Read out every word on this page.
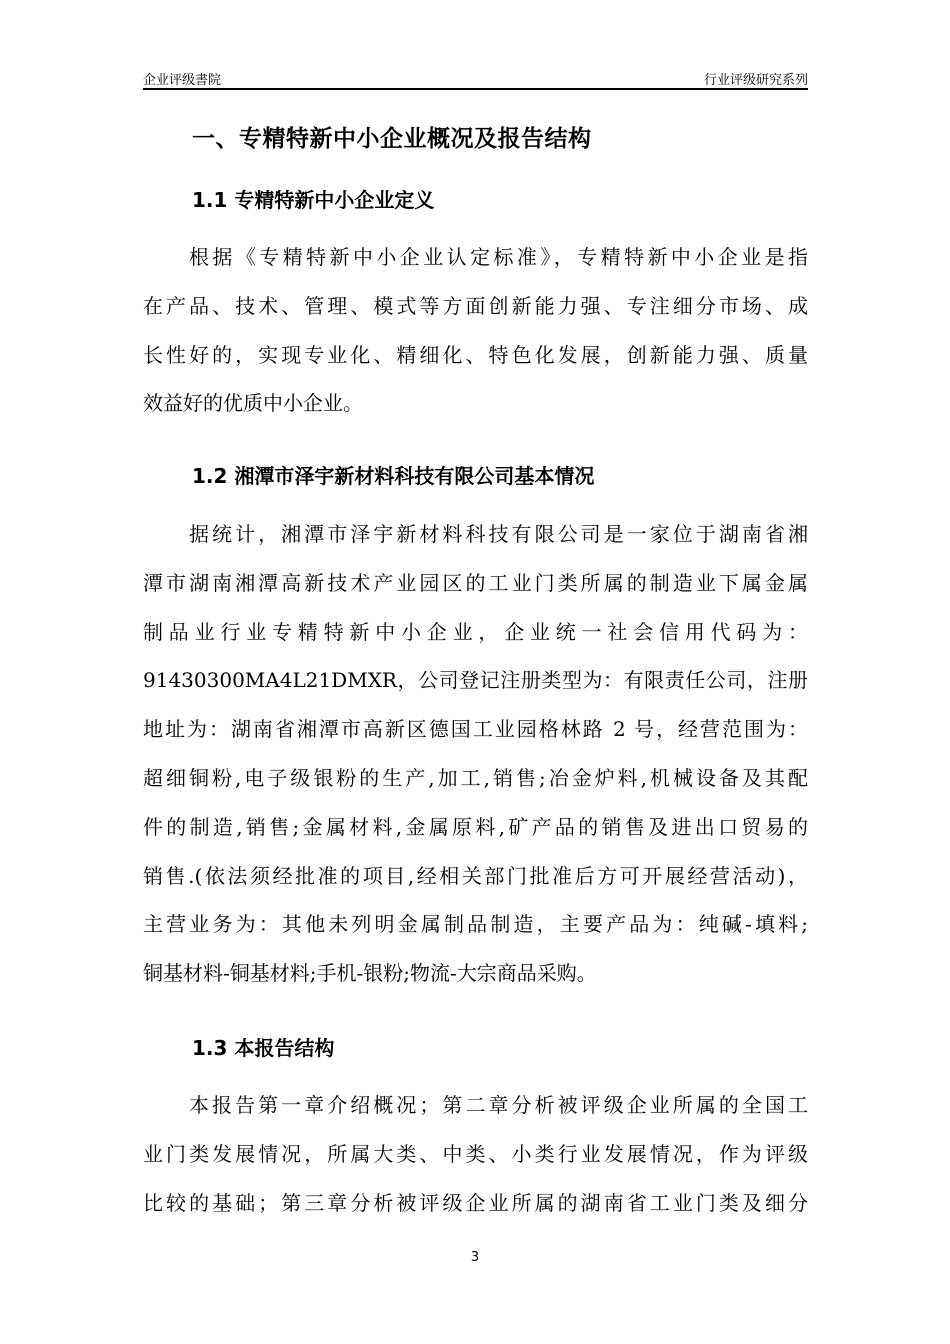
企业评级書院	行业评级研究系列
一、专精特新中小企业概况及报告结构
1.1 专精特新中小企业定义
根据《专精特新中小企业认定标准》，专精特新中小企业是指
在产品、技术、管理、模式等方面创新能力强、专注细分市场、成
长性好的，实现专业化、精细化、特色化发展，创新能力强、质量
效益好的优质中小企业。
1.2 湘潭市泽宇新材料科技有限公司基本情况
据统计，湘潭市泽宇新材料科技有限公司是一家位于湖南省湘
潭市湖南湘潭高新技术产业园区的工业门类所属的制造业下属金属
制品业行业专精特新中小企业，企业统一社会信用代码为：
91430300MA4L21DMXR，公司登记注册类型为：有限责任公司，注册
地址为：湖南省湘潭市高新区德国工业园格林路 2 号，经营范围为：
超细铜粉,电子级银粉的生产,加工,销售;冶金炉料,机械设备及其配
件的制造,销售;金属材料,金属原料,矿产品的销售及进出口贸易的
销售.(依法须经批准的项目,经相关部门批准后方可开展经营活动)，
主营业务为：其他未列明金属制品制造，主要产品为：纯碱-填料;
铜基材料-铜基材料;手机-银粉;物流-大宗商品采购。
1.3 本报告结构
本报告第一章介绍概况；第二章分析被评级企业所属的全国工
业门类发展情况，所属大类、中类、小类行业发展情况，作为评级
比较的基础；第三章分析被评级企业所属的湖南省工业门类及细分
3
